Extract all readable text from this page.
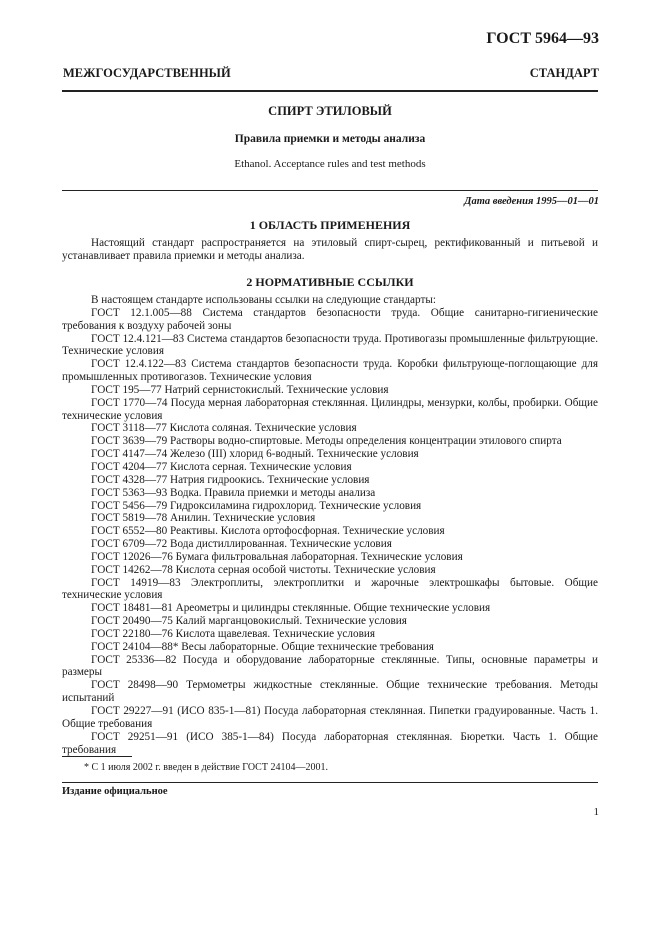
ГОСТ 5964—93
МЕЖГОСУДАРСТВЕННЫЙ	СТАНДАРТ
СПИРТ ЭТИЛОВЫЙ
Правила приемки и методы анализа
Ethanol. Acceptance rules and test methods
Дата введения 1995—01—01
1 ОБЛАСТЬ ПРИМЕНЕНИЯ

Настоящий стандарт распространяется на этиловый спирт-сырец, ректификованный и питьевой и устанавливает правила приемки и методы анализа.

2 НОРМАТИВНЫЕ ССЫЛКИ

В настоящем стандарте использованы ссылки на следующие стандарты:

ГОСТ 12.1.005—88 Система стандартов безопасности труда. Общие санитарно-гигиенические требования к воздуху рабочей зоны

ГОСТ 12.4.121—83 Система стандартов безопасности труда. Противогазы промышленные фильтрующие. Технические условия

ГОСТ 12.4.122—83 Система стандартов безопасности труда. Коробки фильтрующе-поглощающие для промышленных противогазов. Технические условия

ГОСТ 195—77 Натрий сернистокислый. Технические условия

ГОСТ 1770—74 Посуда мерная лабораторная стеклянная. Цилиндры, мензурки, колбы, пробирки. Общие технические условия

ГОСТ 3118—77 Кислота соляная. Технические условия

ГОСТ 3639—79 Растворы водно-спиртовые. Методы определения концентрации этилового спирта

ГОСТ 4147—74 Железо (III) хлорид 6-водный. Технические условия

ГОСТ 4204—77 Кислота серная. Технические условия

ГОСТ 4328—77 Натрия гидроокись. Технические условия

ГОСТ 5363—93 Водка. Правила приемки и методы анализа

ГОСТ 5456—79 Гидроксиламина гидрохлорид. Технические условия

ГОСТ 5819—78 Анилин. Технические условия

ГОСТ 6552—80 Реактивы. Кислота ортофосфорная. Технические условия

ГОСТ 6709—72 Вода дистиллированная. Технические условия

ГОСТ 12026—76 Бумага фильтровальная лабораторная. Технические условия

ГОСТ 14262—78 Кислота серная особой чистоты. Технические условия

ГОСТ 14919—83 Электроплиты, электроплитки и жарочные электрошкафы бытовые. Общие технические условия

ГОСТ 18481—81 Ареометры и цилиндры стеклянные. Общие технические условия

ГОСТ 20490—75 Калий марганцовокислый. Технические условия

ГОСТ 22180—76 Кислота щавелевая. Технические условия

ГОСТ 24104—88* Весы лабораторные. Общие технические требования

ГОСТ 25336—82 Посуда и оборудование лабораторные стеклянные. Типы, основные параметры и размеры

ГОСТ 28498—90 Термометры жидкостные стеклянные. Общие технические требования. Методы испытаний

ГОСТ 29227—91 (ИСО 835-1—81) Посуда лабораторная стеклянная. Пипетки градуированные. Часть 1. Общие требования

ГОСТ 29251—91 (ИСО 385-1—84) Посуда лабораторная стеклянная. Бюретки. Часть 1. Общие требования

* С 1 июля 2002 г. введен в действие ГОСТ 24104—2001.
Издание официальное
1
